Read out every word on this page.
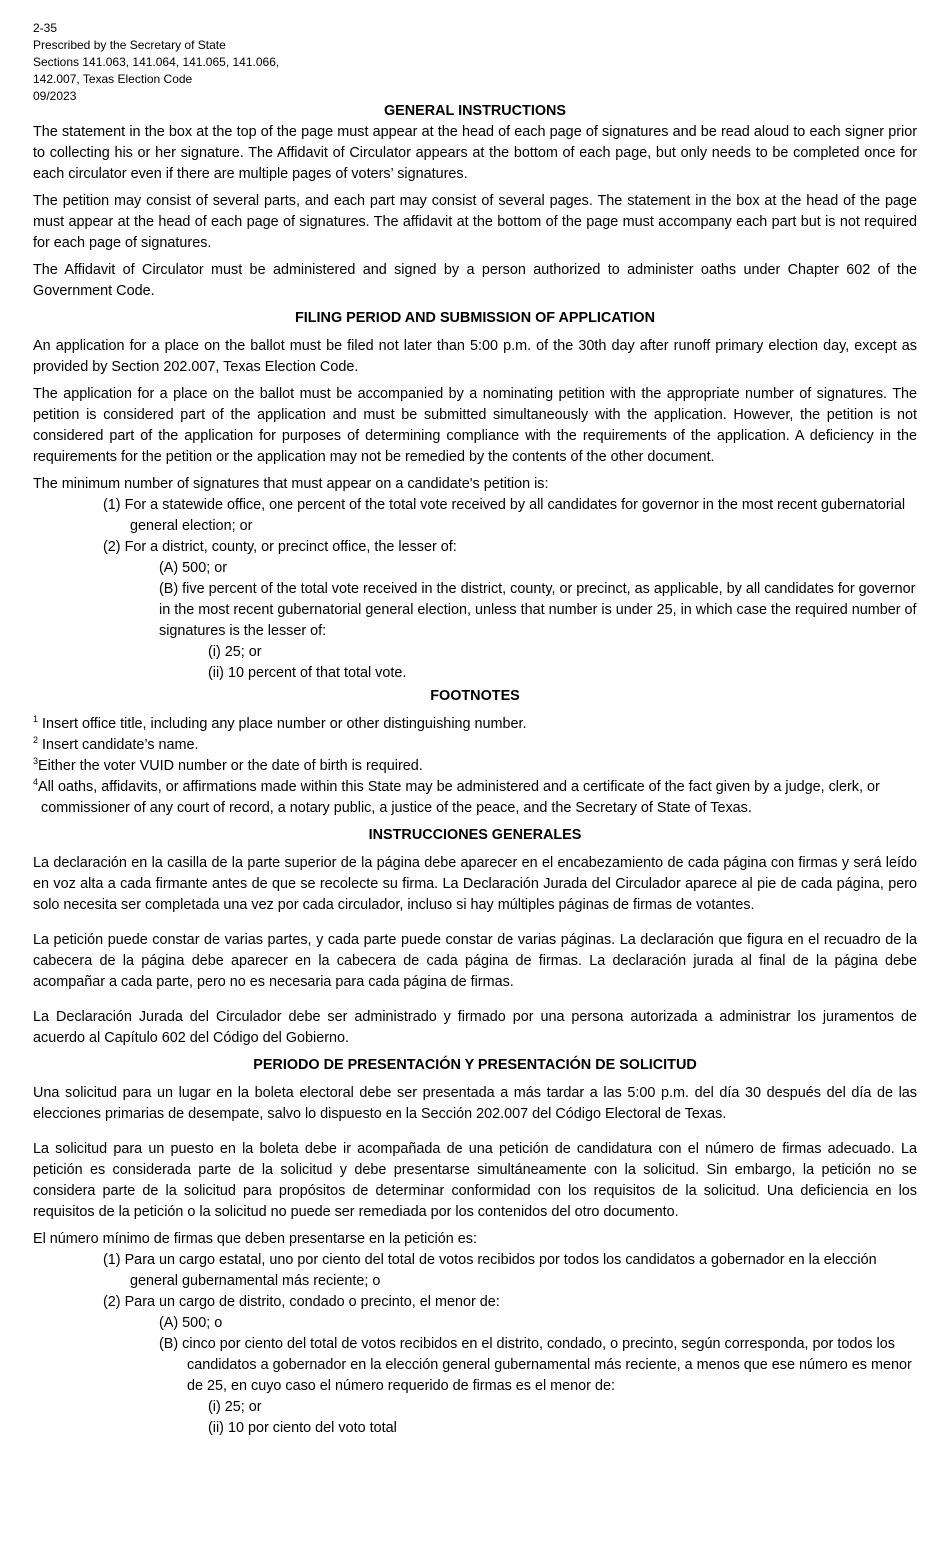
2-35
Prescribed by the Secretary of State
Sections 141.063, 141.064, 141.065, 141.066,
142.007, Texas Election Code
09/2023
GENERAL INSTRUCTIONS

The statement in the box at the top of the page must appear at the head of each page of signatures and be read aloud to each signer prior to collecting his or her signature. The Affidavit of Circulator appears at the bottom of each page, but only needs to be completed once for each circulator even if there are multiple pages of voters’ signatures.

The petition may consist of several parts, and each part may consist of several pages. The statement in the box at the head of the page must appear at the head of each page of signatures. The affidavit at the bottom of the page must accompany each part but is not required for each page of signatures.

The Affidavit of Circulator must be administered and signed by a person authorized to administer oaths under Chapter 602 of the Government Code.

FILING PERIOD AND SUBMISSION OF APPLICATION

An application for a place on the ballot must be filed not later than 5:00 p.m. of the 30th day after runoff primary election day, except as provided by Section 202.007, Texas Election Code.

The application for a place on the ballot must be accompanied by a nominating petition with the appropriate number of signatures. The petition is considered part of the application and must be submitted simultaneously with the application. However, the petition is not considered part of the application for purposes of determining compliance with the requirements of the application. A deficiency in the requirements for the petition or the application may not be remedied by the contents of the other document.

The minimum number of signatures that must appear on a candidate's petition is:

(1) For a statewide office, one percent of the total vote received by all candidates for governor in the most recent gubernatorial general election; or

(2) For a district, county, or precinct office, the lesser of:

(A) 500; or

(B) five percent of the total vote received in the district, county, or precinct, as applicable, by all candidates for governor in the most recent gubernatorial general election, unless that number is under 25, in which case the required number of signatures is the lesser of:

(i) 25; or

(ii) 10 percent of that total vote.

FOOTNOTES

$^1$ Insert office title, including any place number or other distinguishing number.

$^2$ Insert candidate’s name.

$^3$Either the voter VUID number or the date of birth is required.

$^4$All oaths, affidavits, or affirmations made within this State may be administered and a certificate of the fact given by a judge, clerk, or commissioner of any court of record, a notary public, a justice of the peace, and the Secretary of State of Texas.

INSTRUCCIONES GENERALES

La declaración en la casilla de la parte superior de la página debe aparecer en el encabezamiento de cada página con firmas y será leído en voz alta a cada firmante antes de que se recolecte su firma. La Declaración Jurada del Circulador aparece al pie de cada página, pero solo necesita ser completada una vez por cada circulador, incluso si hay múltiples páginas de firmas de votantes.

La petición puede constar de varias partes, y cada parte puede constar de varias páginas. La declaración que figura en el recuadro de la cabecera de la página debe aparecer en la cabecera de cada página de firmas. La declaración jurada al final de la página debe acompañar a cada parte, pero no es necesaria para cada página de firmas.

La Declaración Jurada del Circulador debe ser administrado y firmado por una persona autorizada a administrar los juramentos de acuerdo al Capítulo 602 del Código del Gobierno.

PERIODO DE PRESENTACIÓN Y PRESENTACIÓN DE SOLICITUD

Una solicitud para un lugar en la boleta electoral debe ser presentada a más tardar a las 5:00 p.m. del día 30 después del día de las elecciones primarias de desempate, salvo lo dispuesto en la Sección 202.007 del Código Electoral de Texas.

La solicitud para un puesto en la boleta debe ir acompañada de una petición de candidatura con el número de firmas adecuado. La petición es considerada parte de la solicitud y debe presentarse simultáneamente con la solicitud. Sin embargo, la petición no se considera parte de la solicitud para propósitos de determinar conformidad con los requisitos de la solicitud. Una deficiencia en los requisitos de la petición o la solicitud no puede ser remediada por los contenidos del otro documento.

El número mínimo de firmas que deben presentarse en la petición es:

(1) Para un cargo estatal, uno por ciento del total de votos recibidos por todos los candidatos a gobernador en la elección general gubernamental más reciente; o

(2) Para un cargo de distrito, condado o precinto, el menor de:

(A) 500; o

(B) cinco por ciento del total de votos recibidos en el distrito, condado, o precinto, según corresponda, por todos los candidatos a gobernador en la elección general gubernamental más reciente, a menos que ese número es menor de 25, en cuyo caso el número requerido de firmas es el menor de:

(i) 25; or

(ii) 10 por ciento del voto total
